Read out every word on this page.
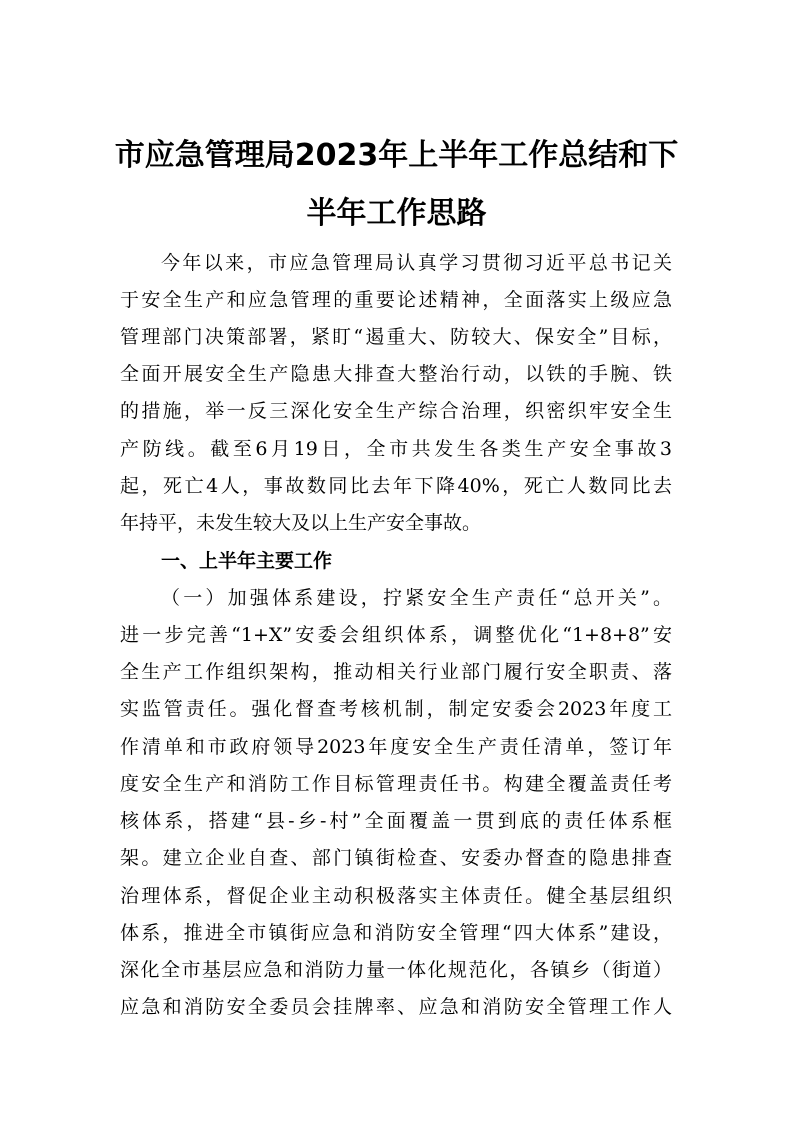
市应急管理局2023年上半年工作总结和下
半年工作思路
今年以来，市应急管理局认真学习贯彻习近平总书记关
于安全生产和应急管理的重要论述精神，全面落实上级应急
管理部门决策部署，紧盯“遏重大、防较大、保安全”目标，
全面开展安全生产隐患大排查大整治行动，以铁的手腕、铁
的措施，举一反三深化安全生产综合治理，织密织牢安全生
产防线。截至6月19日，全市共发生各类生产安全事故3
起，死亡4人，事故数同比去年下降40%，死亡人数同比去
年持平，未发生较大及以上生产安全事故。
一、上半年主要工作
（一）加强体系建设，拧紧安全生产责任“总开关”。
进一步完善“1+X”安委会组织体系，调整优化“1+8+8”安
全生产工作组织架构，推动相关行业部门履行安全职责、落
实监管责任。强化督查考核机制，制定安委会2023年度工
作清单和市政府领导2023年度安全生产责任清单，签订年
度安全生产和消防工作目标管理责任书。构建全覆盖责任考
核体系，搭建“县-乡-村”全面覆盖一贯到底的责任体系框
架。建立企业自查、部门镇街检查、安委办督查的隐患排查
治理体系，督促企业主动积极落实主体责任。健全基层组织
体系，推进全市镇街应急和消防安全管理“四大体系”建设，
深化全市基层应急和消防力量一体化规范化，各镇乡（街道）
应急和消防安全委员会挂牌率、应急和消防安全管理工作人
